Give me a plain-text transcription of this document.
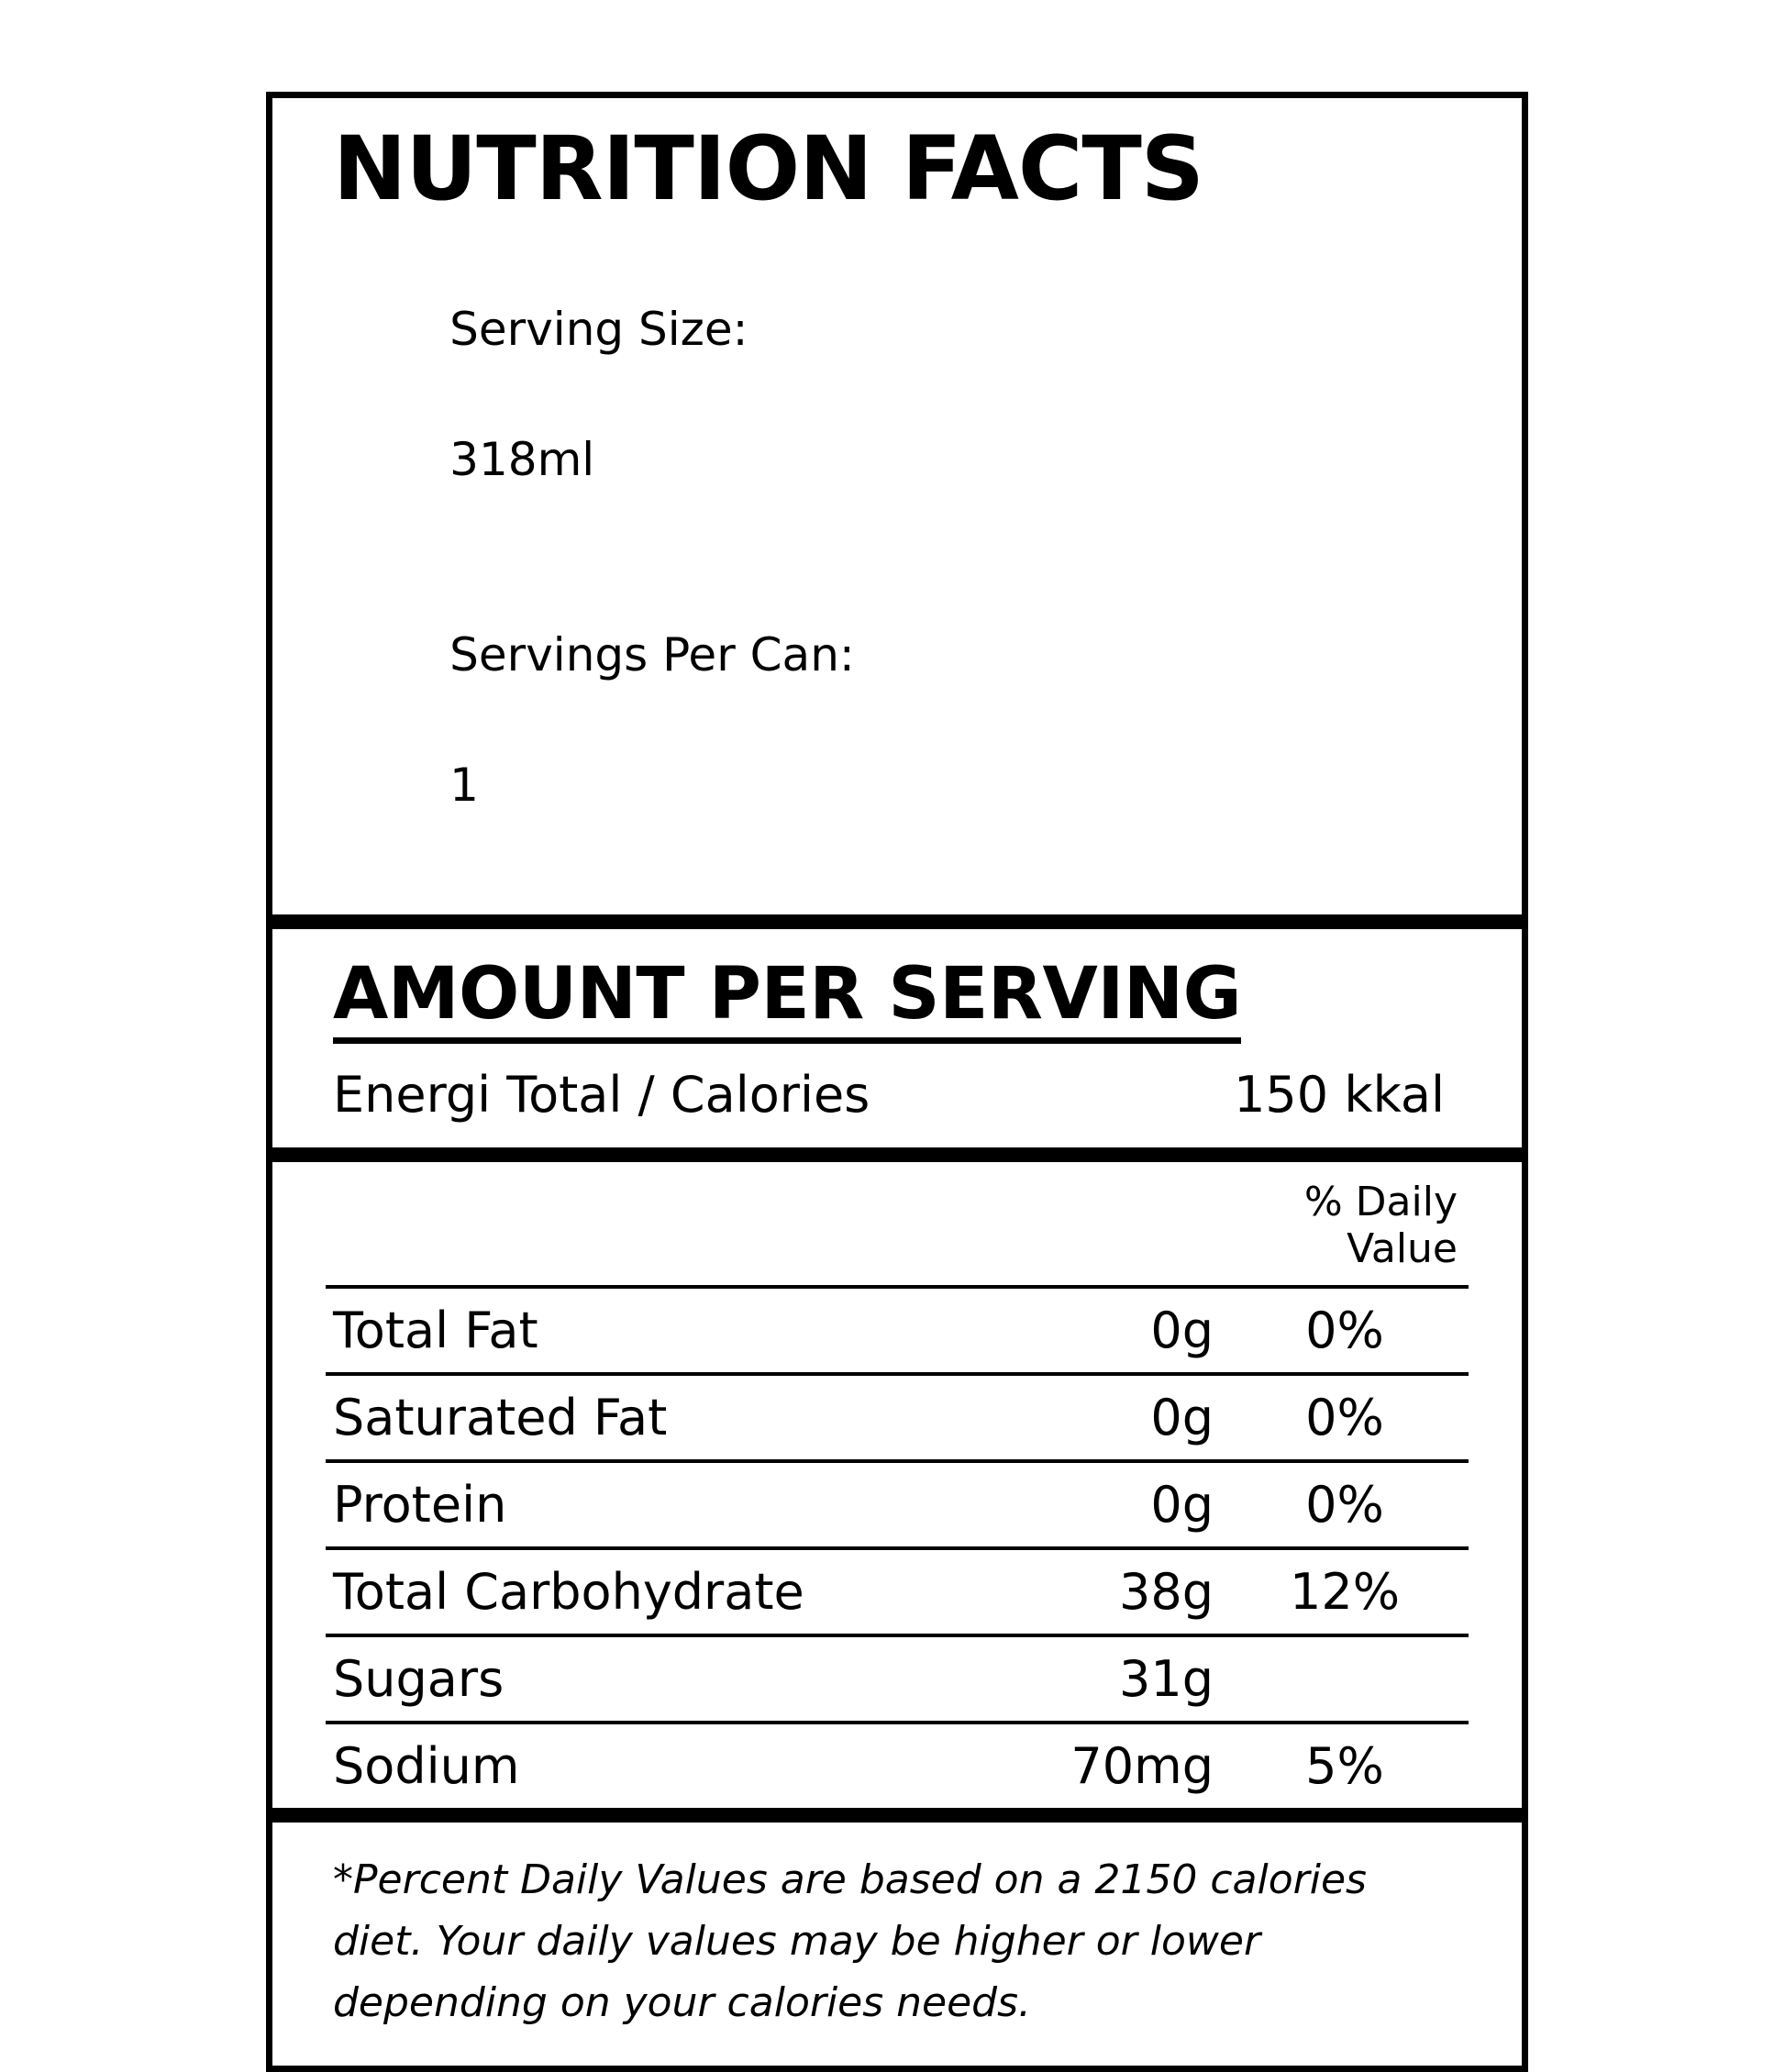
NUTRITION FACTS

Serving Size:

318ml

Servings Per Can:

1

AMOUNT PER SERVING
Energi Total / Calories	150 kkal
		% Daily Value
Total Fat	0g	0%
Saturated Fat	0g	0%
Protein	0g	0%
Total Carbohydrate	38g	12%
Sugars	31g	
Sodium	70mg	5%
*Percent Daily Values are based on a 2150 calories diet. Your daily values may be higher or lower depending on your calories needs.
